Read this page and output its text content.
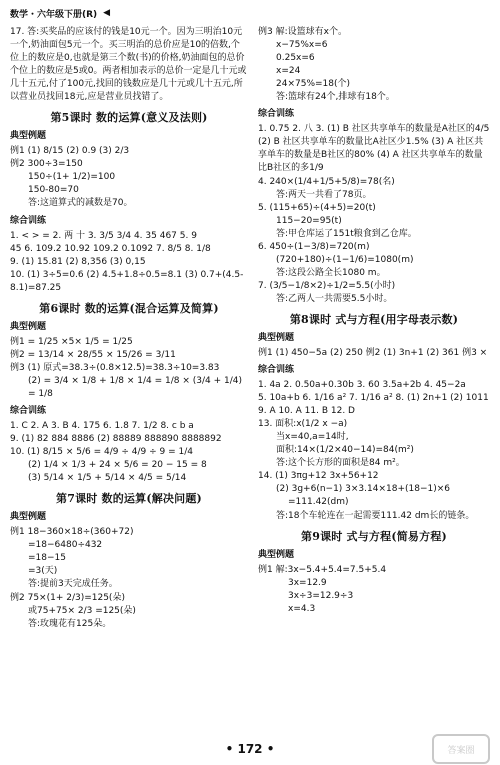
数学・六年级下册(R) ◀

17. 答:买奖品的应该付的钱是10元一个。因为三明治10元一个,奶油面包5元一个。买三明治的总价应是10的倍数,个位上的数应是0,也就是第三个数(书)的价格,奶油面包的总价个位上的数应是5或0。两者相加表示的总价一定是几十元或几十五元,付了100元,找回的钱数应是几十元或几十五元,所以营业员找回18元,应是营业员找错了。

第5课时 数的运算(意义及法则)
典型例题

例1 (1) 8/15 (2) 0.9 (3) 2/3

例2 300÷3=150

150÷(1+ 1/2)=100

150-80=70

答:这道算式的减数是70。

综合训练

1. < > = 2. 两 十 3. 3/5 3/4 4. 35 467 5. 9

45 6. 109.2 10.92 109.2 0.1092 7. 8/5 8. 1/8

9. (1) 15.81 (2) 8,356 (3) 0,15

10. (1) 3÷5=0.6 (2) 4.5+1.8÷0.5=8.1 (3) 0.7+(4.5-8.1)=87.25

第6课时 数的运算(混合运算及简算)
典型例题

例1 = 1/25 ×5× 1/5 = 1/25

例2 = 13/14 × 28/55 × 15/26 = 3/11

例3 (1) 原式=38.3÷(0.8×12.5)=38.3÷10=3.83

(2) = 3/4 × 1/8 + 1/8 × 1/4 = 1/8 × (3/4 + 1/4) = 1/8

综合训练

1. C 2. A 3. B 4. 175 6. 1.8 7. 1/2 8. c b a

9. (1) 82 884 8886 (2) 88889 888890 8888892

10. (1) 8/15 × 5/6 = 4/9 ÷ 4/9 ÷ 9 = 1/4

(2) 1/4 × 1/3 + 24 × 5/6 = 20 − 15 = 8

(3) 5/14 × 1/5 + 5/14 × 4/5 = 5/14

第7课时 数的运算(解决问题)
典型例题

例1 18−360×18÷(360+72)

=18−6480÷432

=18−15

=3(天)

答:提前3天完成任务。

例2 75×(1+ 2/3)=125(朵)

或75+75× 2/3 =125(朵)

答:玫瑰花有125朵。

例3 解:设篮球有x个。

x−75%x=6

0.25x=6

x=24

24×75%=18(个)

答:篮球有24个,排球有18个。

综合训练

1. 0.75 2. 八 3. (1) B 社区共享单车的数量是A社区的4/5

(2) B 社区共享单车的数量比A社区少1.5% (3) A 社区共享单车的数量是B社区的80% (4) A 社区共享单车的数量比B社区的多1/9

4. 240×(1/4+1/5+5/8)=78(名)

答:两天一共看了78页。

5. (115+65)÷(4+5)=20(t)

115−20=95(t)

答:甲仓库运了151t粮食到乙仓库。

6. 450÷(1−3/8)=720(m)

(720+180)÷(1−1/6)=1080(m)

答:这段公路全长1080 m。

7. (3/5−1/8×2)÷1/2=5.5(小时)

答:乙两人一共需要5.5小时。

第8课时 式与方程(用字母表示数)
典型例题

例1 (1) 450−5a (2) 250 例2 (1) 3n+1 (2) 361 例3 ×

综合训练

1. 4a 2. 0.50a+0.30b 3. 60 3.5a+2b 4. 45−2a

5. 10a+b 6. 1/16 a² 7. 1/16 a² 8. (1) 2n+1 (2) 1011

9. A 10. A 11. B 12. D

13. 面积:x(1/2 x −a)

当x=40,a=14时,

面积:14×(1/2×40−14)=84(m²)

答:这个长方形的面积是84 m²。

14. (1) 3πg+12 3x+56+12

(2) 3g+6(n−1) 3×3.14×18+(18−1)×6

=111.42(dm)

答:18个车轮连在一起需要111.42 dm长的链条。

第9课时 式与方程(简易方程)
典型例题

例1 解:3x−5.4+5.4=7.5+5.4

3x=12.9

3x÷3=12.9÷3

x=4.3

• 172 •	答案圈
